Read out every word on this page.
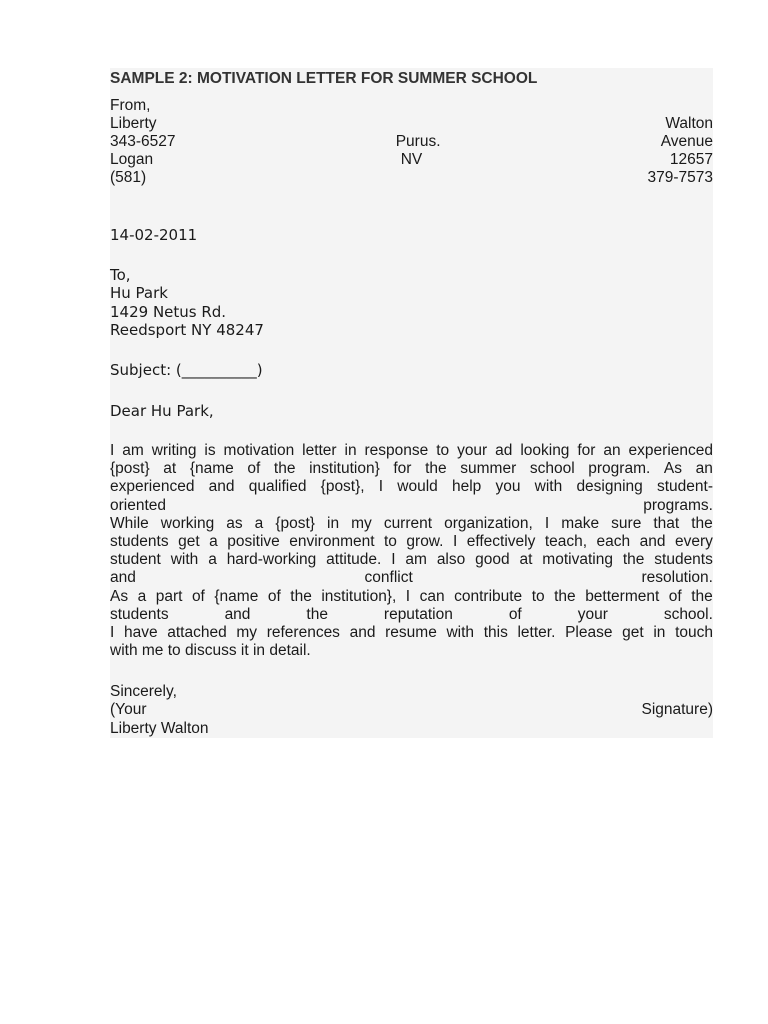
SAMPLE 2: MOTIVATION LETTER FOR SUMMER SCHOOL
From,
Liberty	Walton
343-6527	Purus.	Avenue
Logan	NV	12657
(581)	379-7573
14-02-2011
To,
Hu Park
1429 Netus Rd.
Reedsport NY 48247
Subject: (__________)
Dear Hu Park,
I am writing is motivation letter in response to your ad looking for an experienced
{post} at {name of the institution} for the summer school program. As an
experienced and qualified {post}, I would help you with designing student-
oriented	programs.
While working as a {post} in my current organization, I make sure that the
students get a positive environment to grow. I effectively teach, each and every
student with a hard-working attitude. I am also good at motivating the students
and	conflict	resolution.
As a part of {name of the institution}, I can contribute to the betterment of the
students	and	the	reputation	of	your	school.
I have attached my references and resume with this letter. Please get in touch
with me to discuss it in detail.
Sincerely,
(Your	Signature)
Liberty Walton
